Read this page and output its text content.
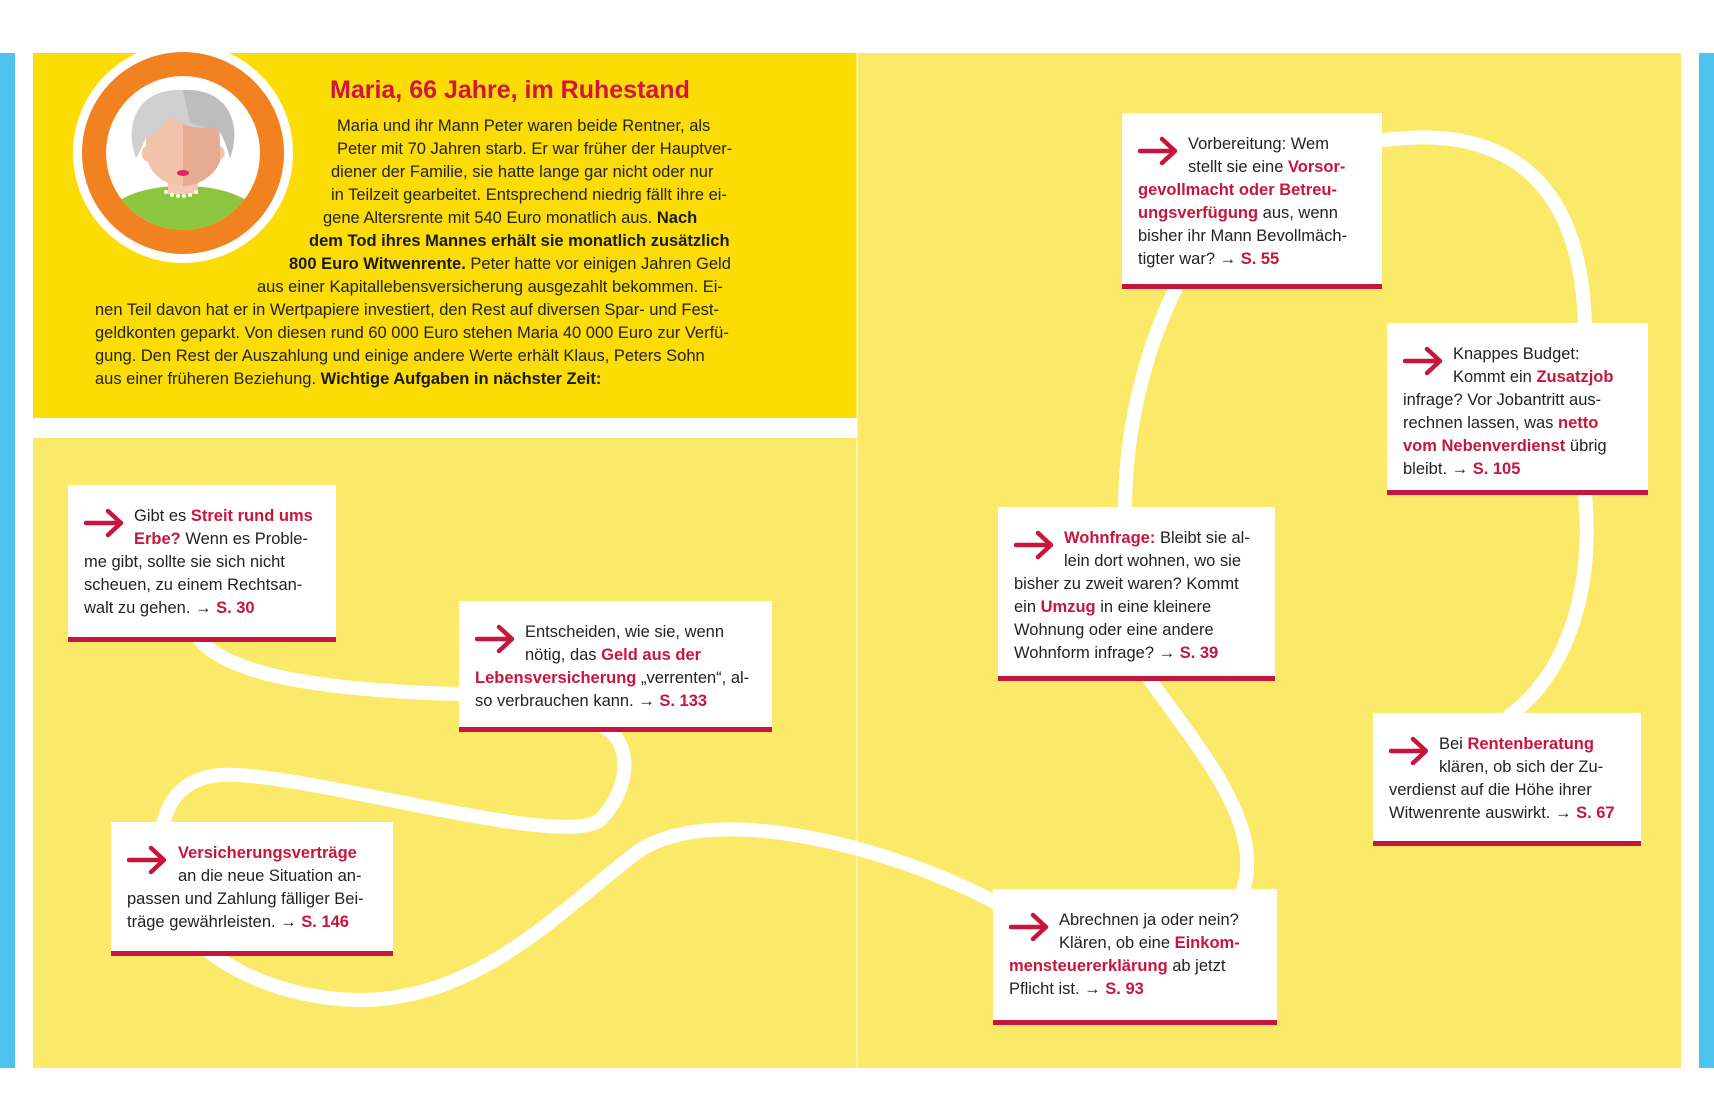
Maria, 66 Jahre, im Ruhestand
Maria und ihr Mann Peter waren beide Rentner, als
Peter mit 70 Jahren starb. Er war früher der Hauptver-
diener der Familie, sie hatte lange gar nicht oder nur
in Teilzeit gearbeitet. Entsprechend niedrig fällt ihre ei-
gene Altersrente mit 540 Euro monatlich aus. Nach
dem Tod ihres Mannes erhält sie monatlich zusätzlich
800 Euro Witwenrente. Peter hatte vor einigen Jahren Geld
aus einer Kapitallebensversicherung ausgezahlt bekommen. Ei-
nen Teil davon hat er in Wertpapiere investiert, den Rest auf diversen Spar- und Fest-
geldkonten geparkt. Von diesen rund 60 000 Euro stehen Maria 40 000 Euro zur Verfü-
gung. Den Rest der Auszahlung und einige andere Werte erhält Klaus, Peters Sohn
aus einer früheren Beziehung. Wichtige Aufgaben in nächster Zeit:
Gibt es Streit rund ums
Erbe? Wenn es Proble-
me gibt, sollte sie sich nicht
scheuen, zu einem Rechtsan-
walt zu gehen. → S. 30
Entscheiden, wie sie, wenn
nötig, das Geld aus der
Lebensversicherung „verrenten“, al-
so verbrauchen kann. → S. 133
Versicherungsverträge
an die neue Situation an-
passen und Zahlung fälliger Bei-
träge gewährleisten. → S. 146	Abrechnen ja oder nein?
Klären, ob eine Einkom-
mensteuererklärung ab jetzt
Pflicht ist. → S. 93
Wohnfrage: Bleibt sie al-
lein dort wohnen, wo sie
bisher zu zweit waren? Kommt
ein Umzug in eine kleinere
Wohnung oder eine andere
Wohnform infrage? → S. 39
Vorbereitung: Wem
stellt sie eine Vorsor-
gevollmacht oder Betreu-
ungsverfügung aus, wenn
bisher ihr Mann Bevollmäch-
tigter war? → S. 55
Knappes Budget:
Kommt ein Zusatzjob
infrage? Vor Jobantritt aus-
rechnen lassen, was netto
vom Nebenverdienst übrig
bleibt. → S. 105
Bei Rentenberatung
klären, ob sich der Zu-
verdienst auf die Höhe ihrer
Witwenrente auswirkt. → S. 67
